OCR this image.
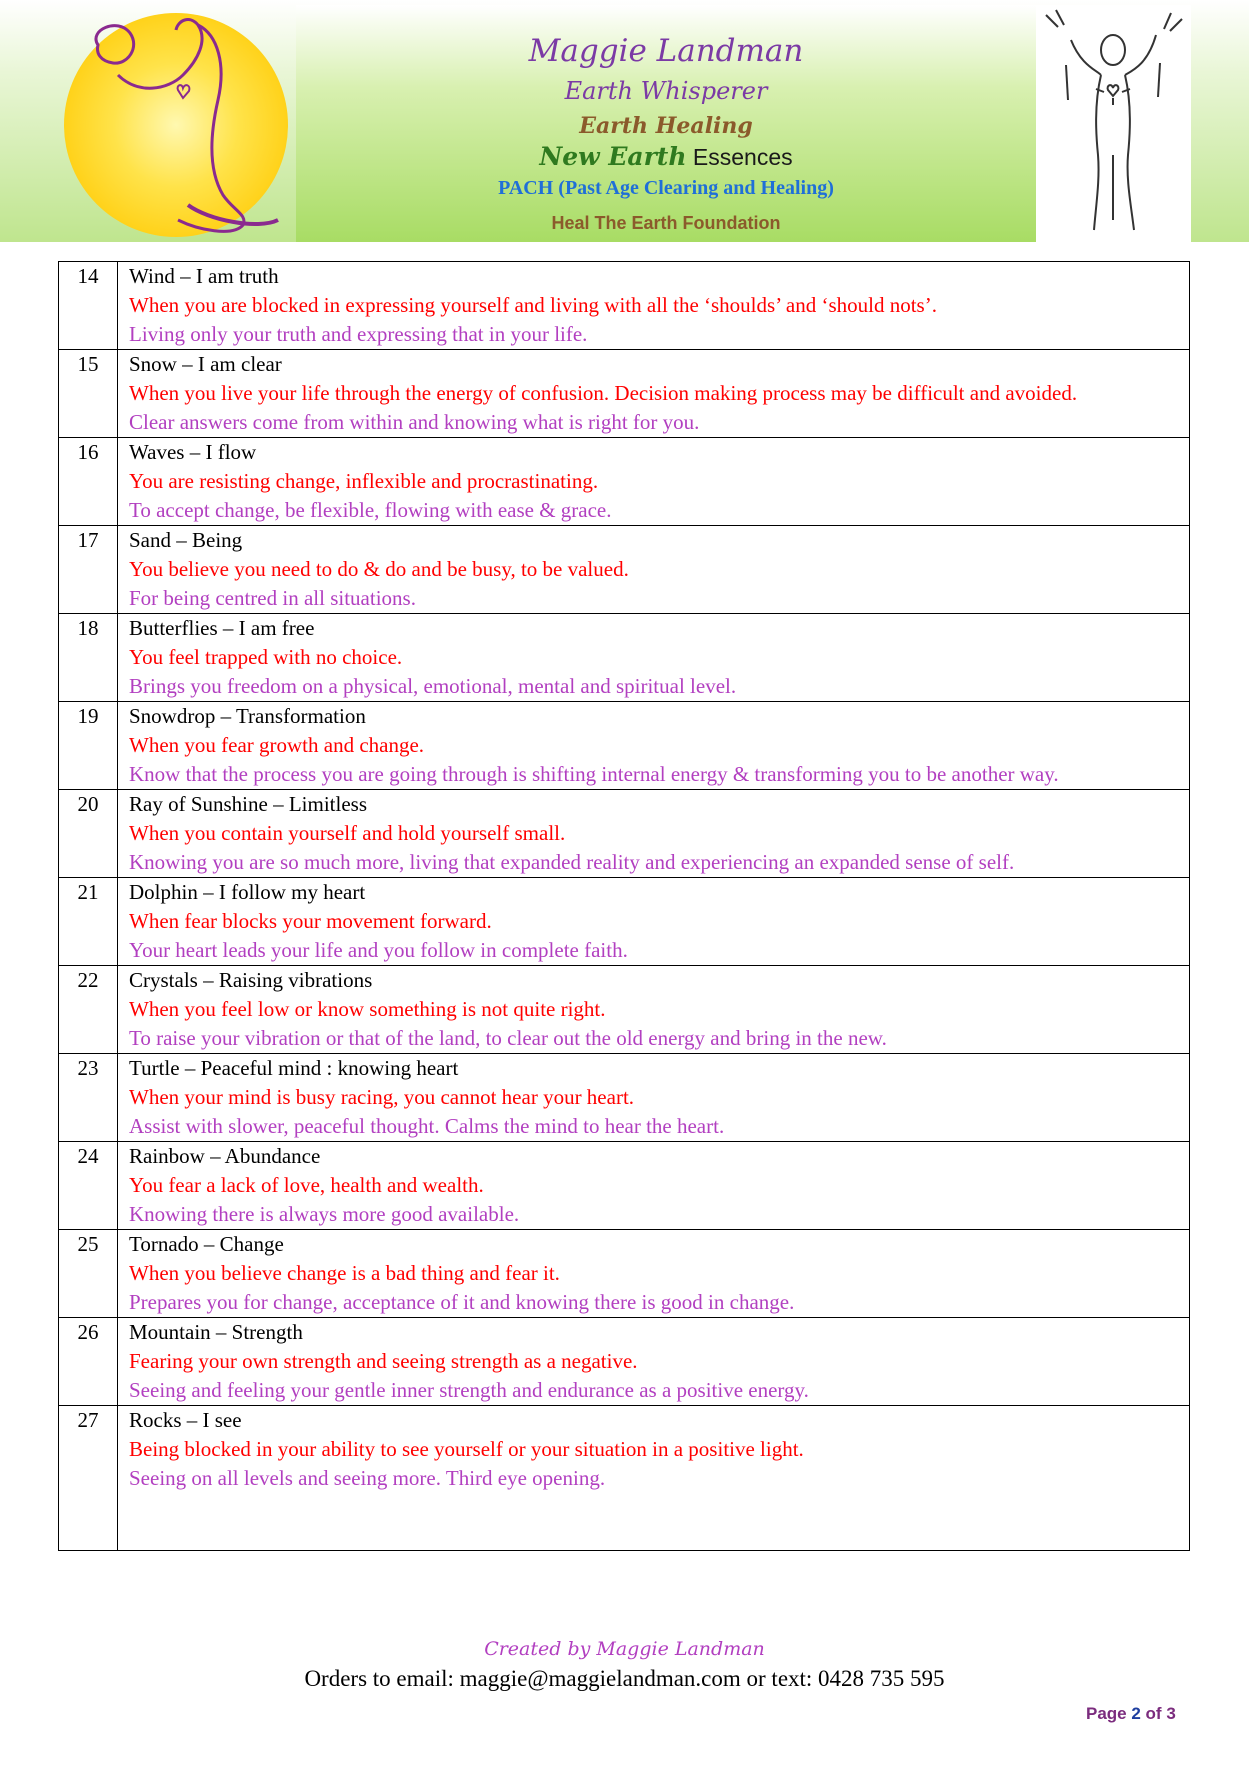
Maggie Landman
Earth Whisperer
Earth Healing
New Earth Essences
PACH (Past Age Clearing and Healing)
Heal The Earth Foundation
14	Wind – I am truth
When you are blocked in expressing yourself and living with all the ‘shoulds’ and ‘should nots’.
Living only your truth and expressing that in your life.

15	Snow – I am clear
When you live your life through the energy of confusion. Decision making process may be difficult and avoided.
Clear answers come from within and knowing what is right for you.

16	Waves – I flow
You are resisting change, inflexible and procrastinating.
To accept change, be flexible, flowing with ease & grace.

17	Sand – Being
You believe you need to do & do and be busy, to be valued.
For being centred in all situations.

18	Butterflies – I am free
You feel trapped with no choice.
Brings you freedom on a physical, emotional, mental and spiritual level.

19	Snowdrop – Transformation
When you fear growth and change.
Know that the process you are going through is shifting internal energy & transforming you to be another way.

20	Ray of Sunshine – Limitless
When you contain yourself and hold yourself small.
Knowing you are so much more, living that expanded reality and experiencing an expanded sense of self.

21	Dolphin – I follow my heart
When fear blocks your movement forward.
Your heart leads your life and you follow in complete faith.

22	Crystals – Raising vibrations
When you feel low or know something is not quite right.
To raise your vibration or that of the land, to clear out the old energy and bring in the new.

23	Turtle – Peaceful mind : knowing heart
When your mind is busy racing, you cannot hear your heart.
Assist with slower, peaceful thought. Calms the mind to hear the heart.

24	Rainbow – Abundance
You fear a lack of love, health and wealth.
Knowing there is always more good available.

25	Tornado – Change
When you believe change is a bad thing and fear it.
Prepares you for change, acceptance of it and knowing there is good in change.

26	Mountain – Strength
Fearing your own strength and seeing strength as a negative.
Seeing and feeling your gentle inner strength and endurance as a positive energy.

27	Rocks – I see
Being blocked in your ability to see yourself or your situation in a positive light.
Seeing on all levels and seeing more. Third eye opening.
Created by Maggie Landman
Orders to email: maggie@maggielandman.com or text: 0428 735 595
Page 2 of 3
